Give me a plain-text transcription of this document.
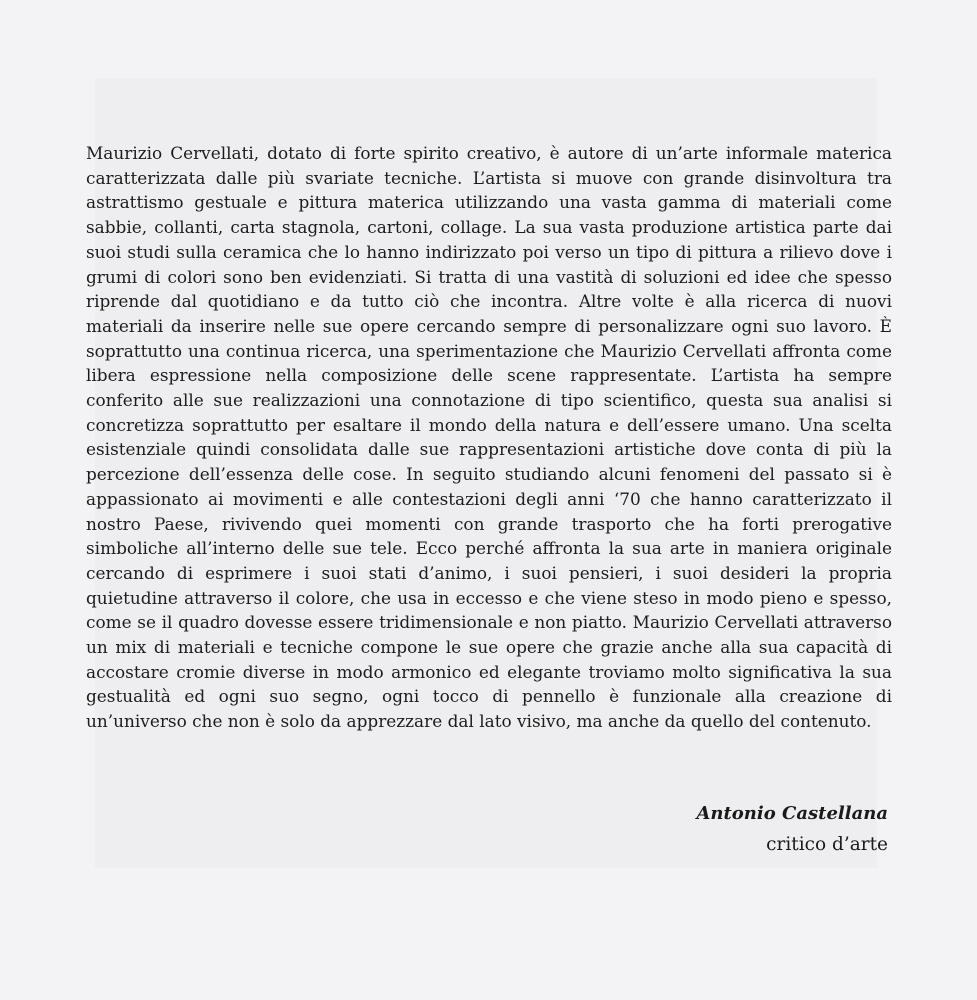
Maurizio Cervellati, dotato di forte spirito creativo, è autore di un’arte informale materica caratterizzata dalle più svariate tecniche. L’artista si muove con grande disinvoltura tra astrattismo gestuale e pittura materica utilizzando una vasta gamma di materiali come sabbie, collanti, carta stagnola, cartoni, collage. La sua vasta produzione artistica parte dai suoi studi sulla ceramica che lo hanno indirizzato poi verso un tipo di pittura a rilievo dove i grumi di colori sono ben evidenziati. Si tratta di una vastità di soluzioni ed idee che spesso riprende dal quotidiano e da tutto ciò che incontra. Altre volte è alla ricerca di nuovi materiali da inserire nelle sue opere cercando sempre di personalizzare ogni suo lavoro. È soprattutto una continua ricerca, una sperimentazione che Maurizio Cervellati affronta come libera espressione nella composizione delle scene rappresentate. L’artista ha sempre conferito alle sue realizzazioni una connotazione di tipo scientifico, questa sua analisi si concretizza soprattutto per esaltare il mondo della natura e dell’essere umano. Una scelta esistenziale quindi consolidata dalle sue rappresentazioni artistiche dove conta di più la percezione dell’essenza delle cose. In seguito studiando alcuni fenomeni del passato si è appassionato ai movimenti e alle contestazioni degli anni ‘70 che hanno caratterizzato il nostro Paese, rivivendo quei momenti con grande trasporto che ha forti prerogative simboliche all’interno delle sue tele. Ecco perché affronta la sua arte in maniera originale cercando di esprimere i suoi stati d’animo, i suoi pensieri, i suoi desideri la propria quietudine attraverso il colore, che usa in eccesso e che viene steso in modo pieno e spesso, come se il quadro dovesse essere tridimensionale e non piatto. Maurizio Cervellati attraverso un mix di materiali e tecniche compone le sue opere che grazie anche alla sua capacità di accostare cromie diverse in modo armonico ed elegante troviamo molto significativa la sua gestualità ed ogni suo segno, ogni tocco di pennello è funzionale alla creazione di un’universo che non è solo da apprezzare dal lato visivo, ma anche da quello del contenuto.

Antonio Castellana
critico d’arte
